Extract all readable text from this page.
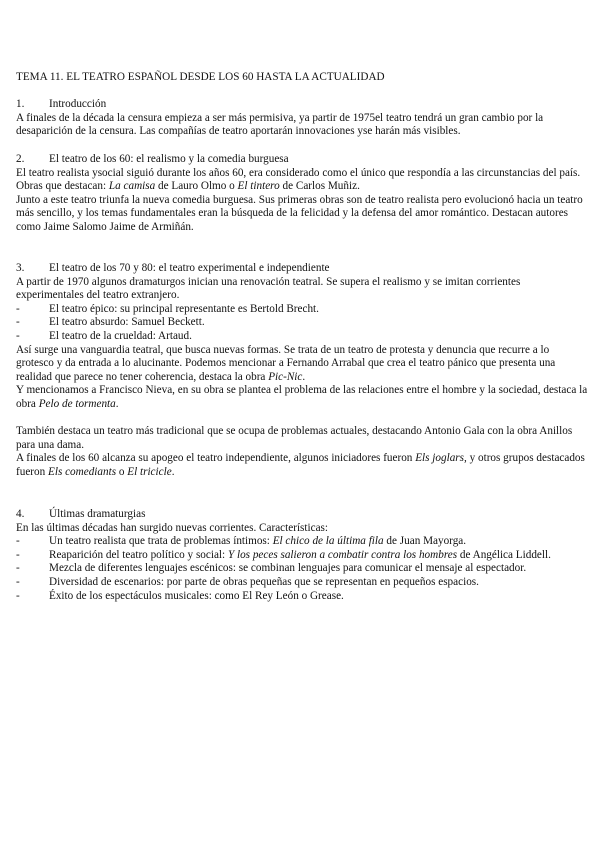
TEMA 11. EL TEATRO ESPAÑOL DESDE LOS 60 HASTA LA ACTUALIDAD
1.	Introducción

A finales de la década la censura empieza a ser más permisiva, ya partir de 1975el teatro tendrá un gran cambio por la desaparición de la censura. Las compañías de teatro aportarán innovaciones yse harán más visibles.

2.	El teatro de los 60: el realismo y la comedia burguesa

El teatro realista ysocial siguió durante los años 60, era considerado como el único que respondía a las circunstancias del país. Obras que destacan: La camisa de Lauro Olmo o El tintero de Carlos Muñiz.

Junto a este teatro triunfa la nueva comedia burguesa. Sus primeras obras son de teatro realista pero evolucionó hacia un teatro más sencillo, y los temas fundamentales eran la búsqueda de la felicidad y la defensa del amor romántico. Destacan autores como Jaime Salomo Jaime de Armiñán.

3.	El teatro de los 70 y 80: el teatro experimental e independiente

A partir de 1970 algunos dramaturgos inician una renovación teatral. Se supera el realismo y se imitan corrientes experimentales del teatro extranjero.

-	El teatro épico: su principal representante es Bertold Brecht.
-	El teatro absurdo: Samuel Beckett.
-	El teatro de la crueldad: Artaud.

Así surge una vanguardia teatral, que busca nuevas formas. Se trata de un teatro de protesta y denuncia que recurre a lo grotesco y da entrada a lo alucinante. Podemos mencionar a Fernando Arrabal que crea el teatro pánico que presenta una realidad que parece no tener coherencia, destaca la obra Pic-Nic.

Y mencionamos a Francisco Nieva, en su obra se plantea el problema de las relaciones entre el hombre y la sociedad, destaca la obra Pelo de tormenta.

También destaca un teatro más tradicional que se ocupa de problemas actuales, destacando Antonio Gala con la obra Anillos para una dama.

A finales de los 60 alcanza su apogeo el teatro independiente, algunos iniciadores fueron Els joglars, y otros grupos destacados fueron Els comediants o El tricicle.

4.	Últimas dramaturgias

En las últimas décadas han surgido nuevas corrientes. Características:

-	Un teatro realista que trata de problemas íntimos: El chico de la última fila de Juan Mayorga.
-	Reaparición del teatro político y social: Y los peces salieron a combatir contra los hombres de Angélica Liddell.
-	Mezcla de diferentes lenguajes escénicos: se combinan lenguajes para comunicar el mensaje al espectador.
-	Diversidad de escenarios: por parte de obras pequeñas que se representan en pequeños espacios.
-	Éxito de los espectáculos musicales: como El Rey León o Grease.
